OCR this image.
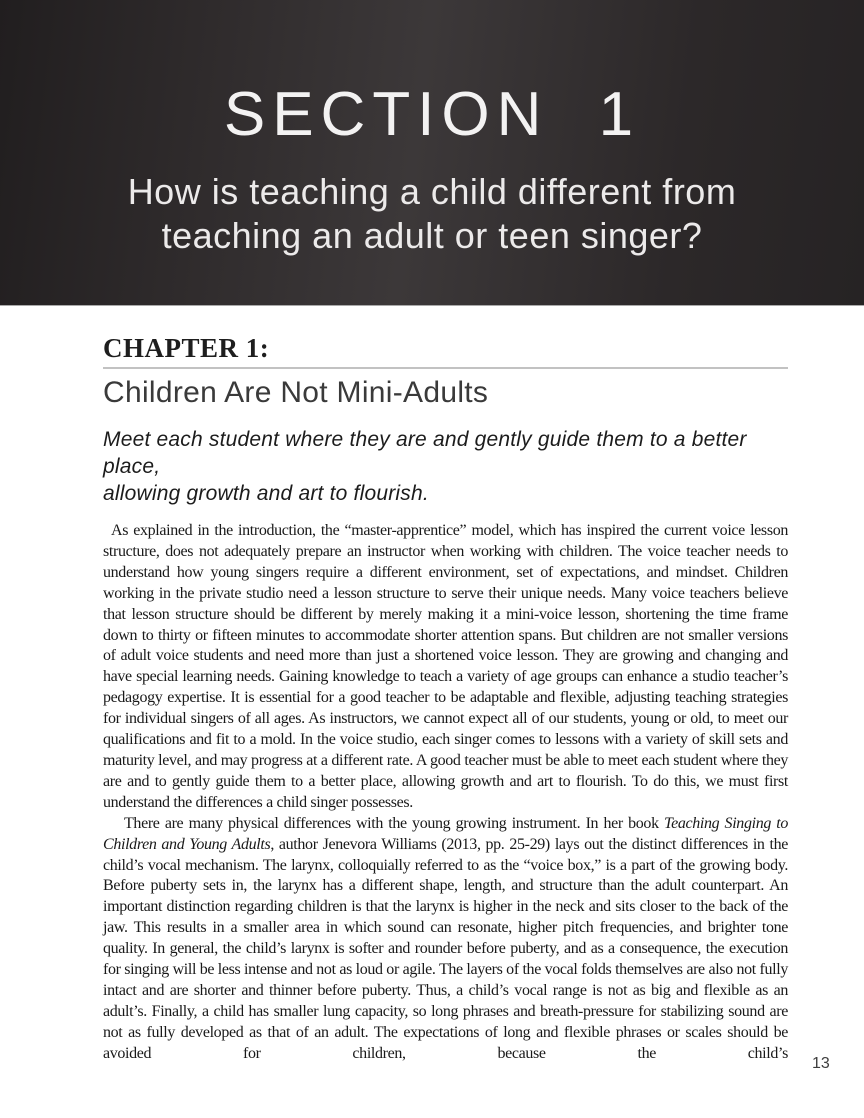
SECTION 1
How is teaching a child different from
teaching an adult or teen singer?
CHAPTER 1:
Children Are Not Mini-Adults

Meet each student where they are and gently guide them to a better place,
allowing growth and art to flourish.

As explained in the introduction, the “master-apprentice” model, which has inspired the current voice lesson structure, does not adequately prepare an instructor when working with children. The voice teacher needs to understand how young singers require a different environment, set of expectations, and mindset. Children working in the private studio need a lesson structure to serve their unique needs. Many voice teachers believe that lesson structure should be different by merely making it a mini-voice lesson, shortening the time frame down to thirty or fifteen minutes to accommodate shorter attention spans. But children are not smaller versions of adult voice students and need more than just a shortened voice lesson. They are growing and changing and have special learning needs. Gaining knowledge to teach a variety of age groups can enhance a studio teacher’s pedagogy expertise. It is essential for a good teacher to be adaptable and flexible, adjusting teaching strategies for individual singers of all ages. As instructors, we cannot expect all of our students, young or old, to meet our qualifications and fit to a mold. In the voice studio, each singer comes to lessons with a variety of skill sets and maturity level, and may progress at a different rate. A good teacher must be able to meet each student where they are and to gently guide them to a better place, allowing growth and art to flourish. To do this, we must first understand the differences a child singer possesses.

There are many physical differences with the young growing instrument. In her book Teaching Singing to Children and Young Adults, author Jenevora Williams (2013, pp. 25-29) lays out the distinct differences in the child’s vocal mechanism. The larynx, colloquially referred to as the “voice box,” is a part of the growing body. Before puberty sets in, the larynx has a different shape, length, and structure than the adult counterpart. An important distinction regarding children is that the larynx is higher in the neck and sits closer to the back of the jaw. This results in a smaller area in which sound can resonate, higher pitch frequencies, and brighter tone quality. In general, the child’s larynx is softer and rounder before puberty, and as a consequence, the execution for singing will be less intense and not as loud or agile. The layers of the vocal folds themselves are also not fully intact and are shorter and thinner before puberty. Thus, a child’s vocal range is not as big and flexible as an adult’s. Finally, a child has smaller lung capacity, so long phrases and breath-pressure for stabilizing sound are not as fully developed as that of an adult. The expectations of long and flexible phrases or scales should be avoided for children, because the child’s

13
